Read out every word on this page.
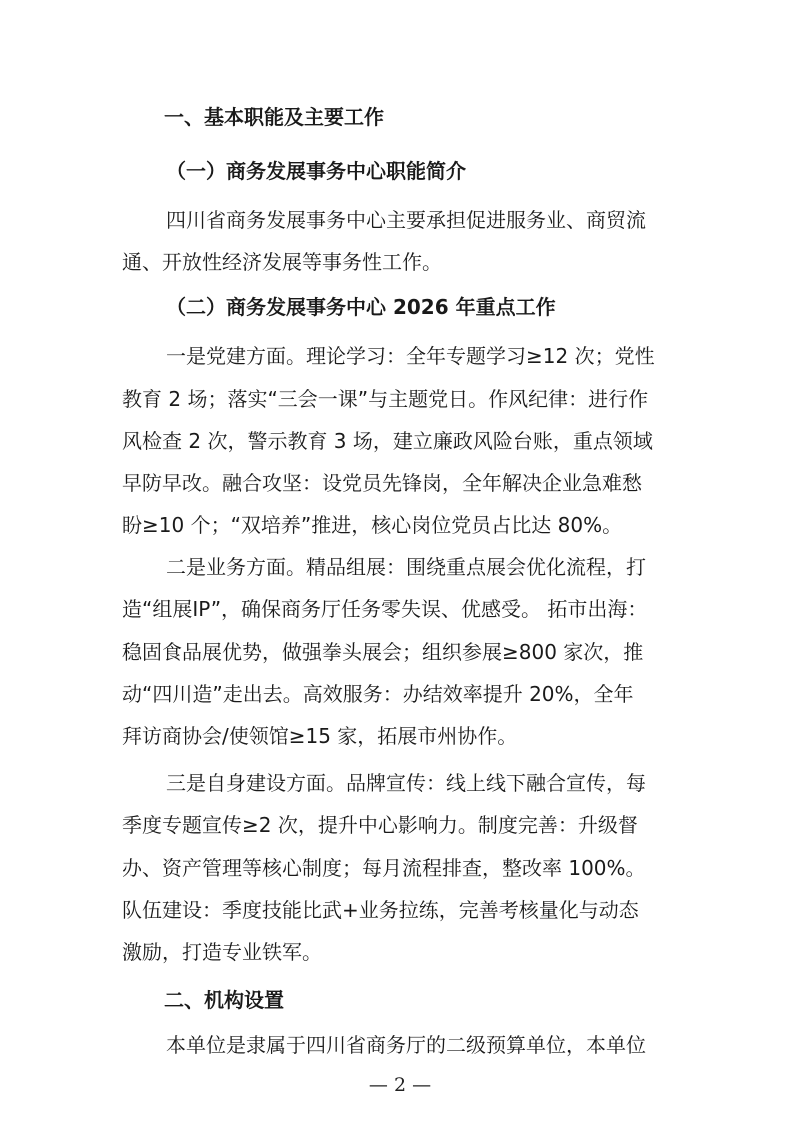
一、基本职能及主要工作
（一）商务发展事务中心职能简介
四川省商务发展事务中心主要承担促进服务业、商贸流
通、开放性经济发展等事务性工作。
（二）商务发展事务中心 2026 年重点工作
一是党建方面。理论学习：全年专题学习≥12 次；党性
教育 2 场；落实“三会一课”与主题党日。作风纪律：进行作
风检查 2 次，警示教育 3 场，建立廉政风险台账，重点领域
早防早改。融合攻坚：设党员先锋岗，全年解决企业急难愁
盼≥10 个；“双培养”推进，核心岗位党员占比达 80%。
二是业务方面。精品组展：围绕重点展会优化流程，打
造“组展IP”，确保商务厅任务零失误、优感受。 拓市出海：
稳固食品展优势，做强拳头展会；组织参展≥800 家次，推
动“四川造”走出去。高效服务：办结效率提升 20%，全年
拜访商协会/使领馆≥15 家，拓展市州协作。
三是自身建设方面。品牌宣传：线上线下融合宣传，每
季度专题宣传≥2 次，提升中心影响力。制度完善：升级督
办、资产管理等核心制度；每月流程排查，整改率 100%。
队伍建设：季度技能比武+业务拉练，完善考核量化与动态
激励，打造专业铁军。
二、机构设置
本单位是隶属于四川省商务厅的二级预算单位，本单位
— 2 —
